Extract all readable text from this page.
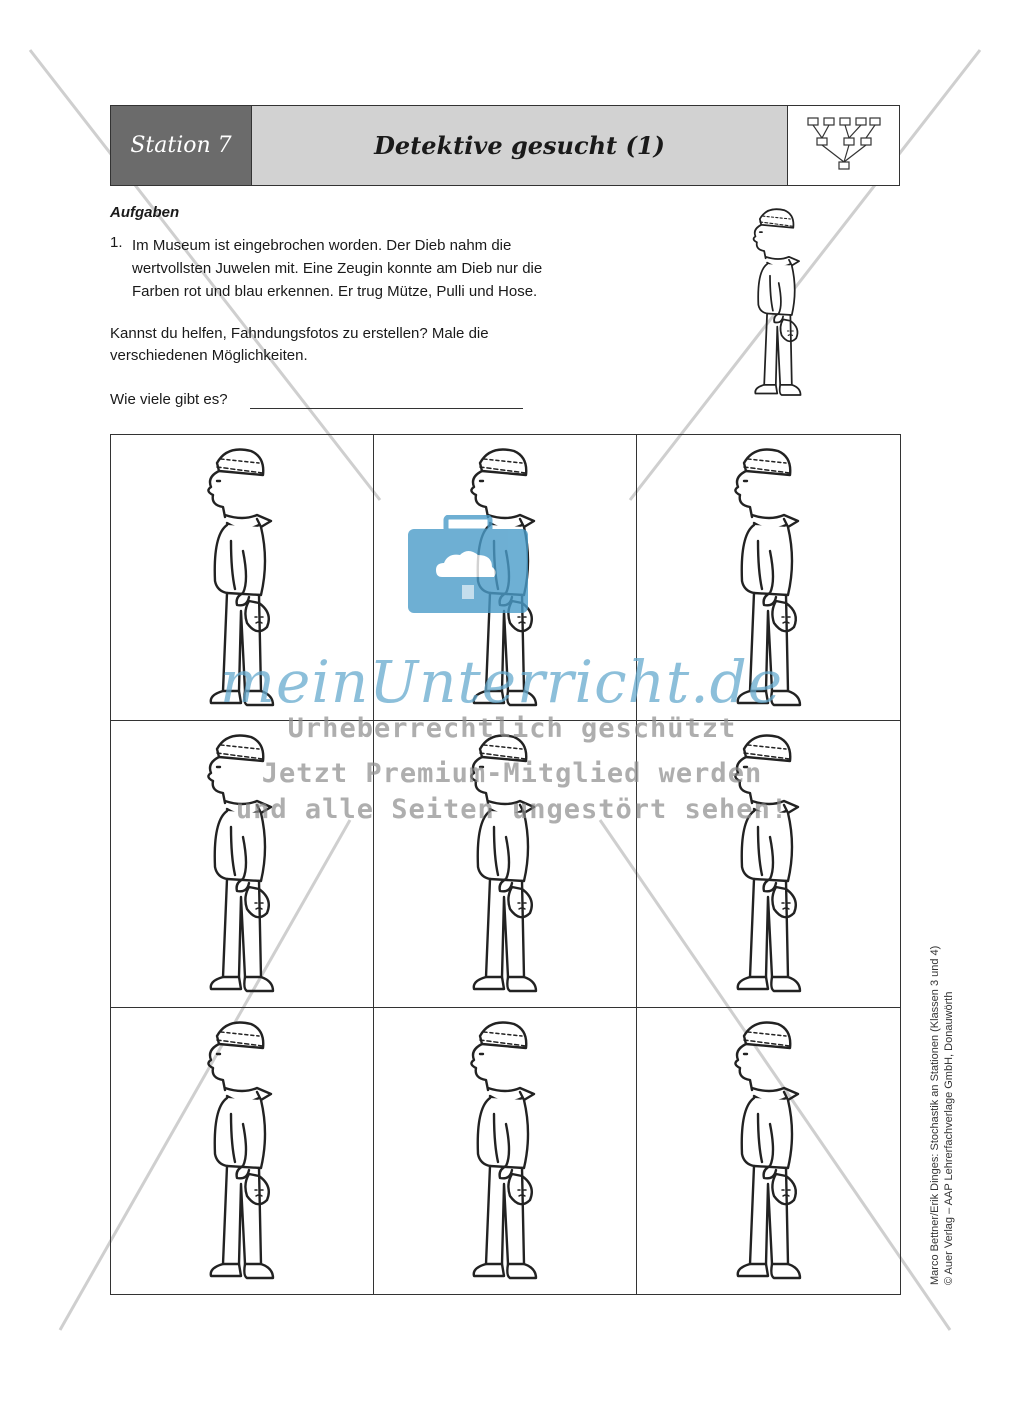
Station 7	Detektive gesucht (1)
Aufgaben
1. Im Museum ist eingebrochen worden. Der Dieb nahm die
wertvollsten Juwelen mit. Eine Zeugin konnte am Dieb nur die
Farben rot und blau erkennen. Er trug Mütze, Pulli und Hose.
Kannst du helfen, Fahndungsfotos zu erstellen? Male die
verschiedenen Möglichkeiten.
Wie viele gibt es?
meinUnterricht.de
Urheberrechtlich geschützt
Jetzt Premium-Mitglied werden
und alle Seiten ungestört sehen!
Marco Bettner/Erik Dinges: Stochastik an Stationen (Klassen 3 und 4) © Auer Verlag – AAP Lehrerfachverlage GmbH, Donauwörth
